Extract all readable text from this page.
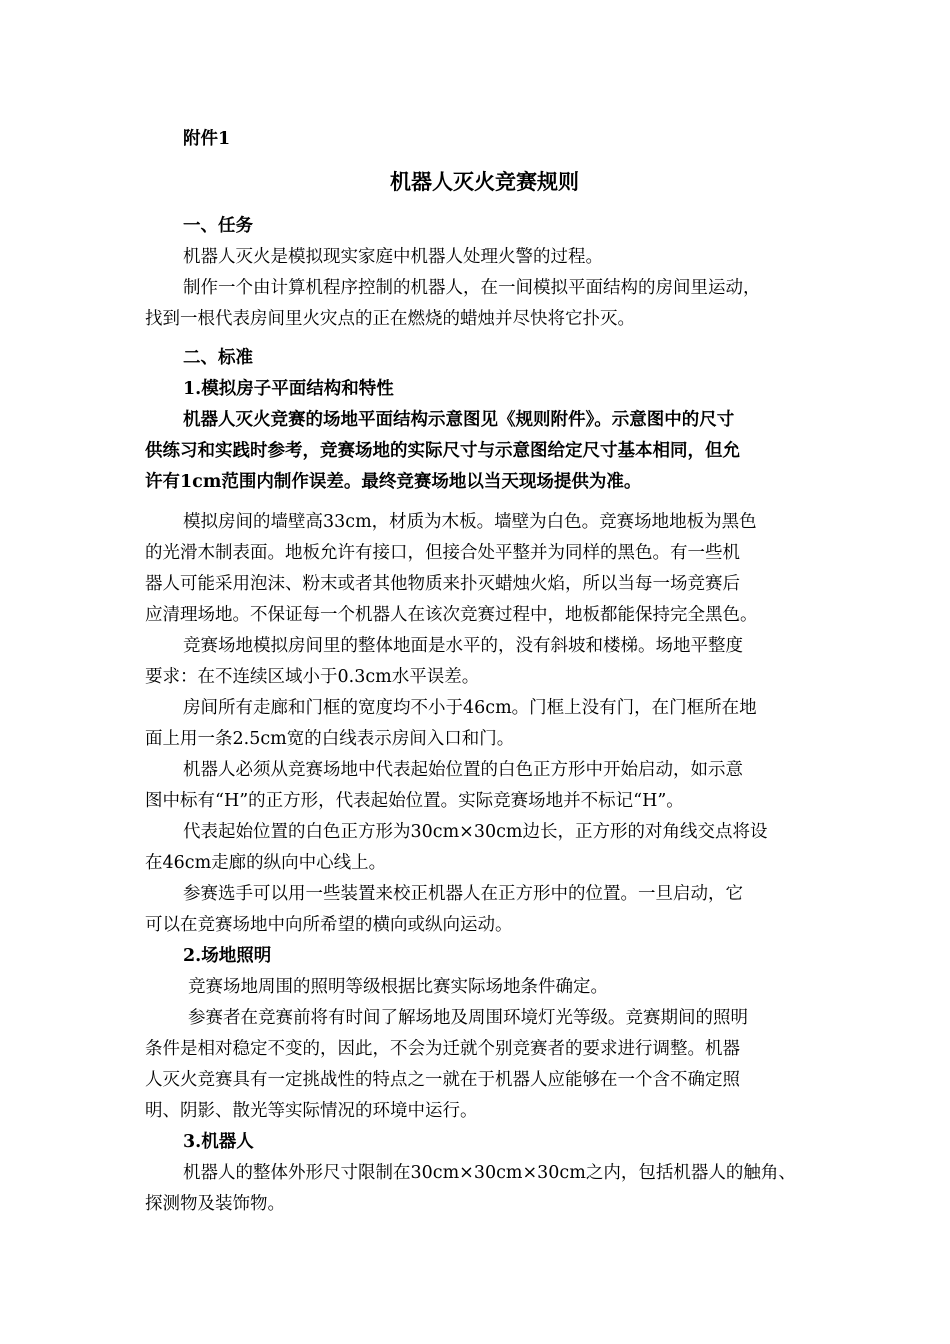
附件1
机器人灭火竞赛规则
一、任务
机器人灭火是模拟现实家庭中机器人处理火警的过程。
制作一个由计算机程序控制的机器人，在一间模拟平面结构的房间里运动，
找到一根代表房间里火灾点的正在燃烧的蜡烛并尽快将它扑灭。
二、标准
1.模拟房子平面结构和特性
机器人灭火竞赛的场地平面结构示意图见《规则附件》。示意图中的尺寸
供练习和实践时参考，竞赛场地的实际尺寸与示意图给定尺寸基本相同，但允
许有1cm范围内制作误差。最终竞赛场地以当天现场提供为准。
模拟房间的墙壁高33cm，材质为木板。墙壁为白色。竞赛场地地板为黑色
的光滑木制表面。地板允许有接口，但接合处平整并为同样的黑色。有一些机
器人可能采用泡沫、粉末或者其他物质来扑灭蜡烛火焰，所以当每一场竞赛后
应清理场地。不保证每一个机器人在该次竞赛过程中，地板都能保持完全黑色。
竞赛场地模拟房间里的整体地面是水平的，没有斜坡和楼梯。场地平整度
要求：在不连续区域小于0.3cm水平误差。
房间所有走廊和门框的宽度均不小于46cm。门框上没有门，在门框所在地
面上用一条2.5cm宽的白线表示房间入口和门。
机器人必须从竞赛场地中代表起始位置的白色正方形中开始启动，如示意
图中标有“H”的正方形，代表起始位置。实际竞赛场地并不标记“H”。
代表起始位置的白色正方形为30cm×30cm边长，正方形的对角线交点将设
在46cm走廊的纵向中心线上。
参赛选手可以用一些装置来校正机器人在正方形中的位置。一旦启动，它
可以在竞赛场地中向所希望的横向或纵向运动。
2.场地照明
竞赛场地周围的照明等级根据比赛实际场地条件确定。
参赛者在竞赛前将有时间了解场地及周围环境灯光等级。竞赛期间的照明
条件是相对稳定不变的，因此，不会为迁就个别竞赛者的要求进行调整。机器
人灭火竞赛具有一定挑战性的特点之一就在于机器人应能够在一个含不确定照
明、阴影、散光等实际情况的环境中运行。
3.机器人
机器人的整体外形尺寸限制在30cm×30cm×30cm之内，包括机器人的触角、
探测物及装饰物。
